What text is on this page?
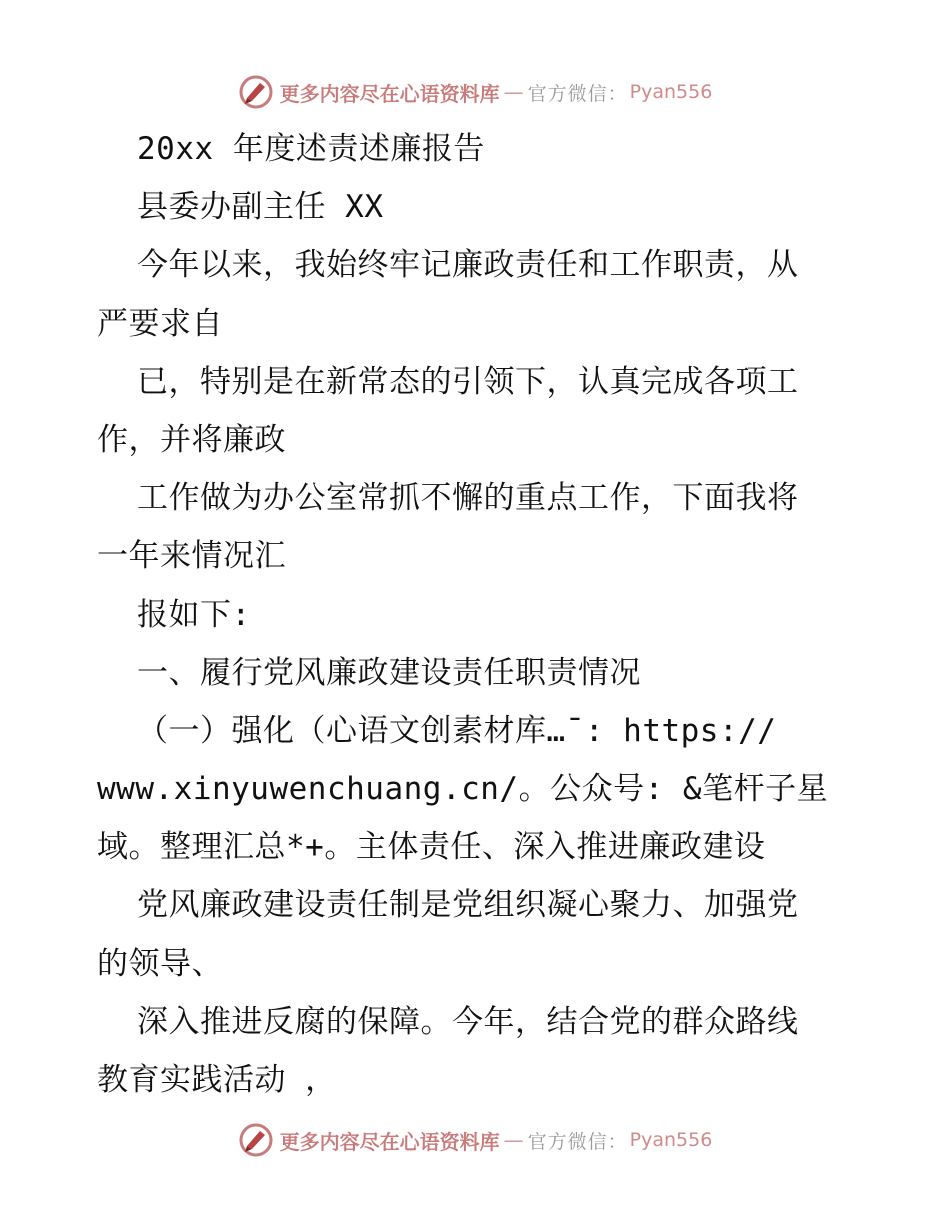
更多内容尽在心语资料库 — 官方微信： Pyan556
20xx 年度述责述廉报告
县委办副主任 XX
今年以来，我始终牢记廉政责任和工作职责，从
严要求自
已，特别是在新常态的引领下，认真完成各项工
作，并将廉政
工作做为办公室常抓不懈的重点工作，下面我将
一年来情况汇
报如下:
一、履行党风廉政建设责任职责情况
（一）强化（心语文创素材库…¯: https://
www.xinyuwenchuang.cn/。公众号: &笔杆子星
域。整理汇总*+。主体责任、深入推进廉政建设
党风廉政建设责任制是党组织凝心聚力、加强党
的领导、
深入推进反腐的保障。今年，结合党的群众路线
教育实践活动 ，
更多内容尽在心语资料库 — 官方微信： Pyan556
